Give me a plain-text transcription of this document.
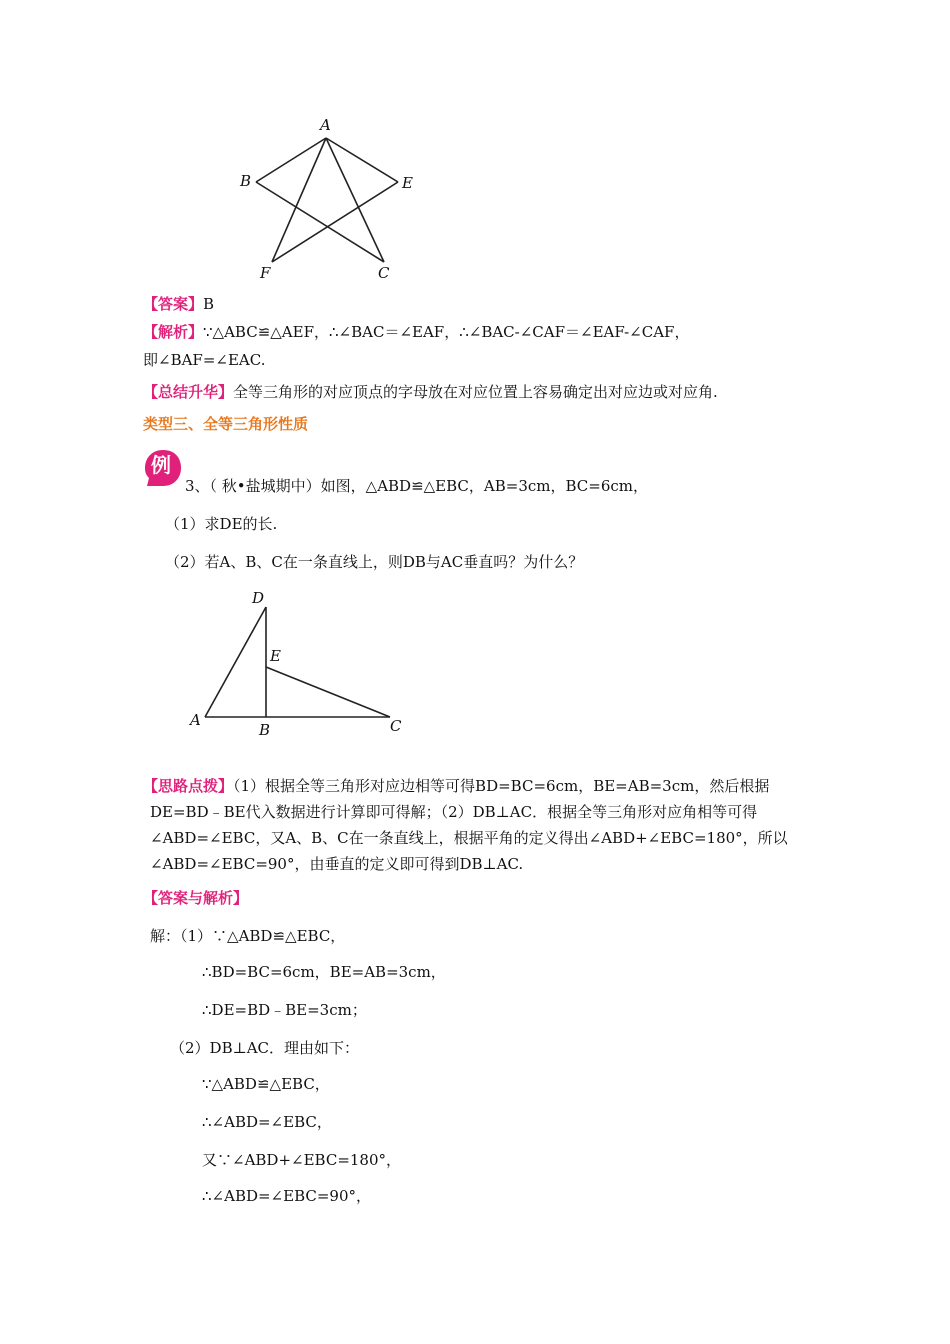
A
B	E
F	C
【答案】B
【解析】∵△ABC≌△AEF，∴∠BAC＝∠EAF，∴∠BAC-∠CAF＝∠EAF-∠CAF，
即∠BAF=∠EAC.
【总结升华】全等三角形的对应顶点的字母放在对应位置上容易确定出对应边或对应角.
类型三、全等三角形性质
例
3、（ 秋•盐城期中）如图，△ABD≌△EBC，AB=3cm，BC=6cm，
（1）求DE的长.
（2）若A、B、C在一条直线上，则DB与AC垂直吗？为什么？
D
E
A
B	C
【思路点拨】（1）根据全等三角形对应边相等可得BD=BC=6cm，BE=AB=3cm，然后根据
DE=BD﹣BE代入数据进行计算即可得解；（2）DB⊥AC．根据全等三角形对应角相等可得
∠ABD=∠EBC，又A、B、C在一条直线上，根据平角的定义得出∠ABD+∠EBC=180°，所以
∠ABD=∠EBC=90°，由垂直的定义即可得到DB⊥AC.
【答案与解析】
解：（1）∵△ABD≌△EBC，
∴BD=BC=6cm，BE=AB=3cm，
∴DE=BD﹣BE=3cm；
（2）DB⊥AC．理由如下：
∵△ABD≌△EBC，
∴∠ABD=∠EBC，
又∵∠ABD+∠EBC=180°，
∴∠ABD=∠EBC=90°，
